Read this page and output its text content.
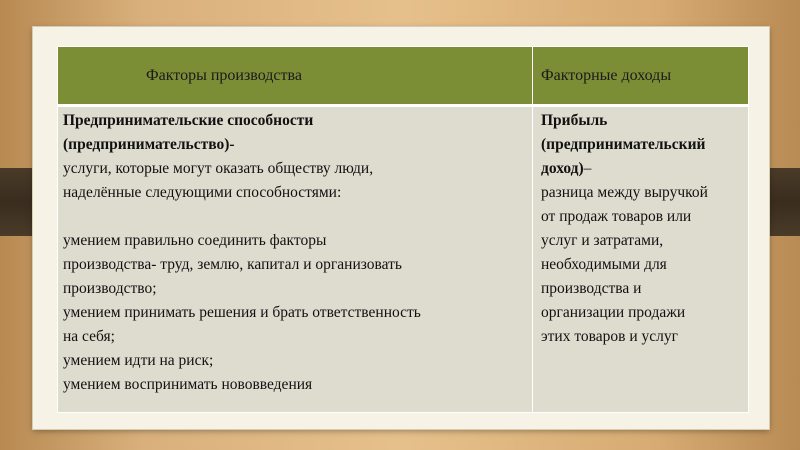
Факторы производства	Факторные доходы
Предпринимательские способности
(предпринимательство)-
услуги, которые могут оказать обществу люди,
наделённые следующими способностями:
умением правильно соединить факторы
производства- труд, землю, капитал и организовать
производство;
умением принимать решения и брать ответственность
на себя;
умением идти на риск;
умением воспринимать нововведения
Прибыль
(предпринимательский
доход)–
разница между выручкой
от продаж товаров или
услуг и затратами,
необходимыми для
производства и
организации продажи
этих товаров и услуг
